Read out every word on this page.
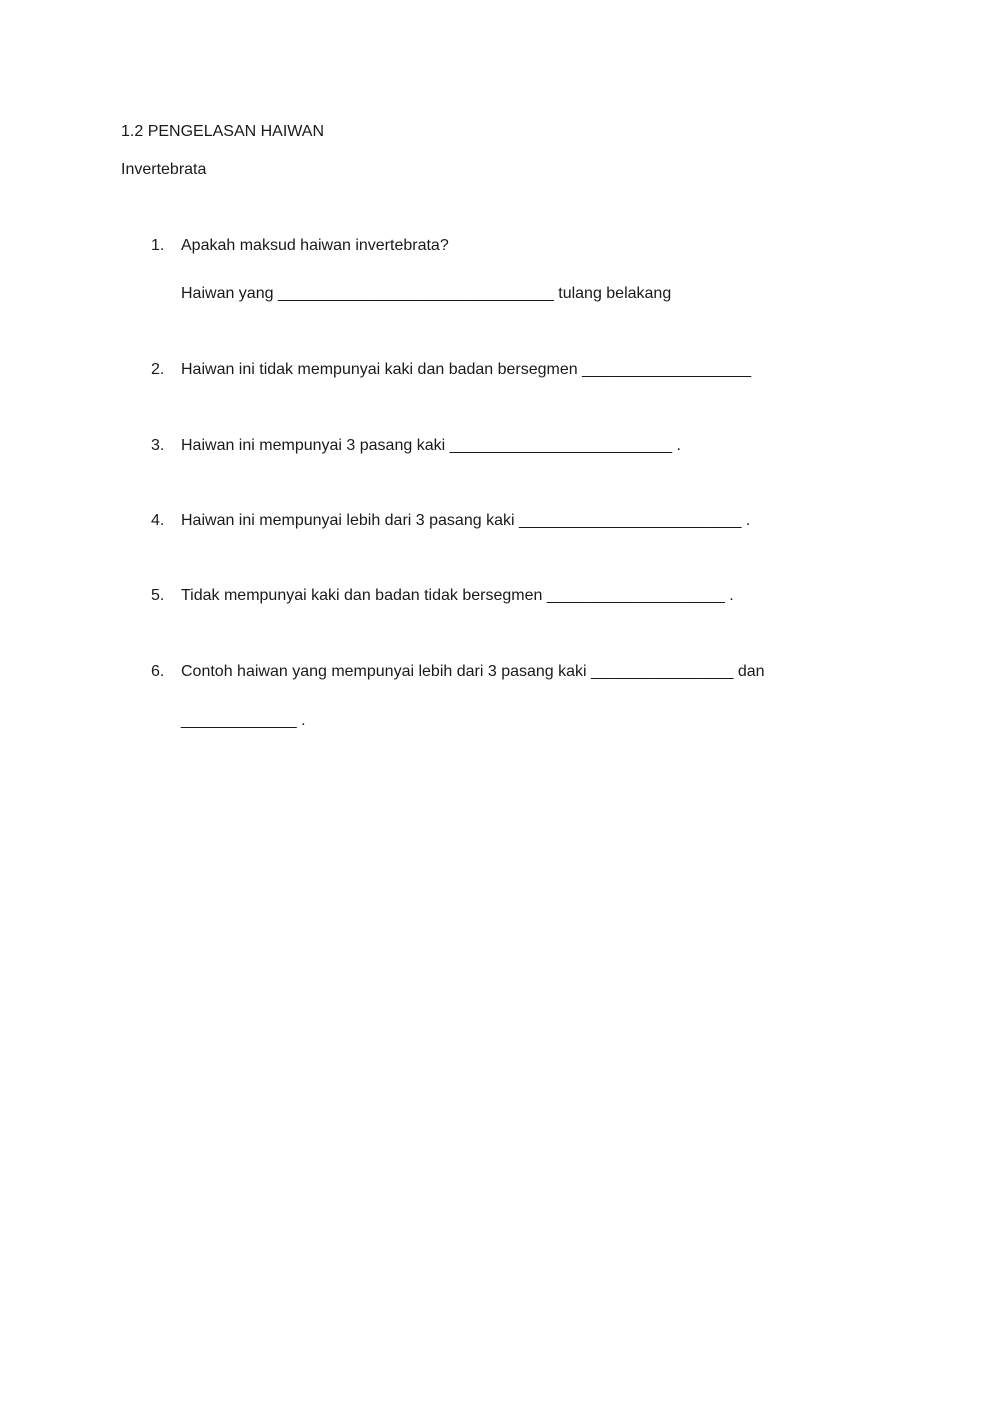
1.2 PENGELASAN HAIWAN
Invertebrata
1. Apakah maksud haiwan invertebrata?
Haiwan yang _______________________________ tulang belakang
2. Haiwan ini tidak mempunyai kaki dan badan bersegmen ___________________
3. Haiwan ini mempunyai 3 pasang kaki _________________________ .
4. Haiwan ini mempunyai lebih dari 3 pasang kaki _________________________ .
5. Tidak mempunyai kaki dan badan tidak bersegmen ____________________ .
6. Contoh haiwan yang mempunyai lebih dari 3 pasang kaki ________________ dan
_____________ .
